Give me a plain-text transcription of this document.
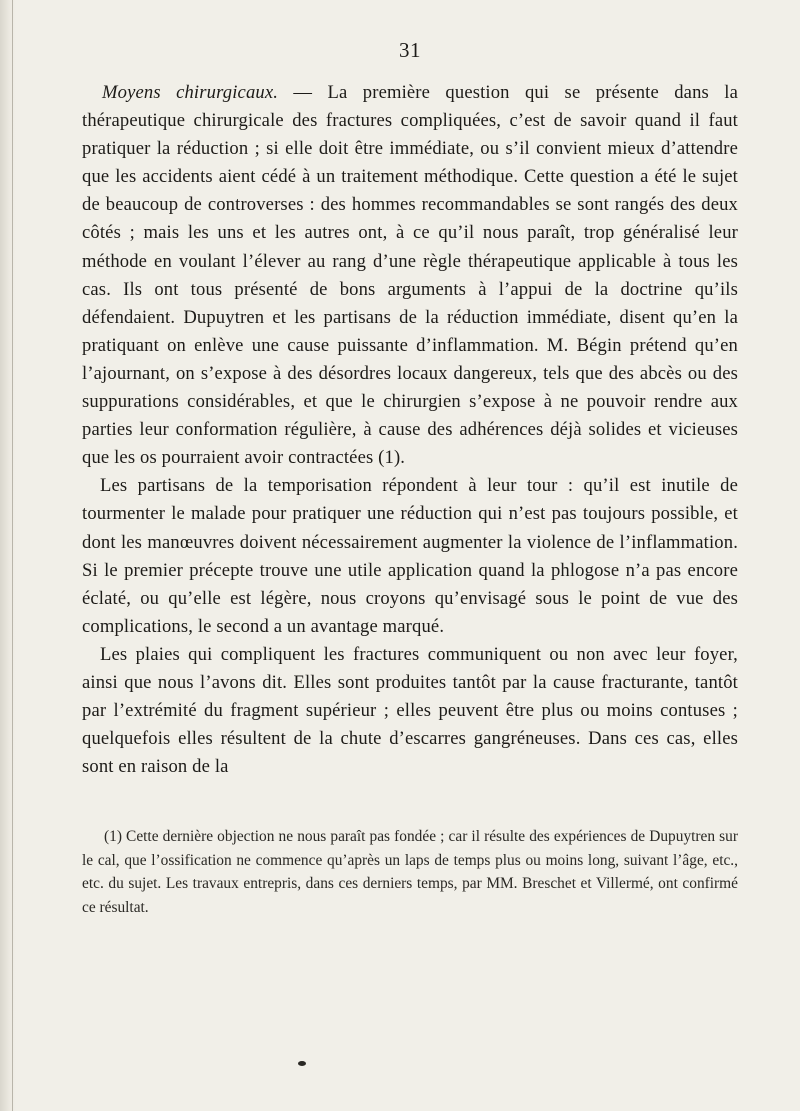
31

Moyens chirurgicaux. — La première question qui se présente dans la thérapeutique chirurgicale des fractures compliquées, c’est de savoir quand il faut pratiquer la réduction ; si elle doit être immédiate, ou s’il convient mieux d’attendre que les accidents aient cédé à un traitement méthodique. Cette question a été le sujet de beaucoup de controverses : des hommes recommandables se sont rangés des deux côtés ; mais les uns et les autres ont, à ce qu’il nous paraît, trop généralisé leur méthode en voulant l’élever au rang d’une règle thérapeutique applicable à tous les cas. Ils ont tous présenté de bons arguments à l’appui de la doctrine qu’ils défendaient. Dupuytren et les partisans de la réduction immédiate, disent qu’en la pratiquant on enlève une cause puissante d’inflammation. M. Bégin prétend qu’en l’ajournant, on s’expose à des désordres locaux dangereux, tels que des abcès ou des suppurations considérables, et que le chirurgien s’expose à ne pouvoir rendre aux parties leur conformation régulière, à cause des adhérences déjà solides et vicieuses que les os pourraient avoir contractées (1).

Les partisans de la temporisation répondent à leur tour : qu’il est inutile de tourmenter le malade pour pratiquer une réduction qui n’est pas toujours possible, et dont les manœuvres doivent nécessairement augmenter la violence de l’inflammation. Si le premier précepte trouve une utile application quand la phlogose n’a pas encore éclaté, ou qu’elle est légère, nous croyons qu’envisagé sous le point de vue des complications, le second a un avantage marqué.

Les plaies qui compliquent les fractures communiquent ou non avec leur foyer, ainsi que nous l’avons dit. Elles sont produites tantôt par la cause fracturante, tantôt par l’extrémité du fragment supérieur ; elles peuvent être plus ou moins contuses ; quelquefois elles résultent de la chute d’escarres gangréneuses. Dans ces cas, elles sont en raison de la

(1) Cette dernière objection ne nous paraît pas fondée ; car il résulte des expériences de Dupuytren sur le cal, que l’ossification ne commence qu’après un laps de temps plus ou moins long, suivant l’âge, etc., etc. du sujet. Les travaux entrepris, dans ces derniers temps, par MM. Breschet et Villermé, ont confirmé ce résultat.
